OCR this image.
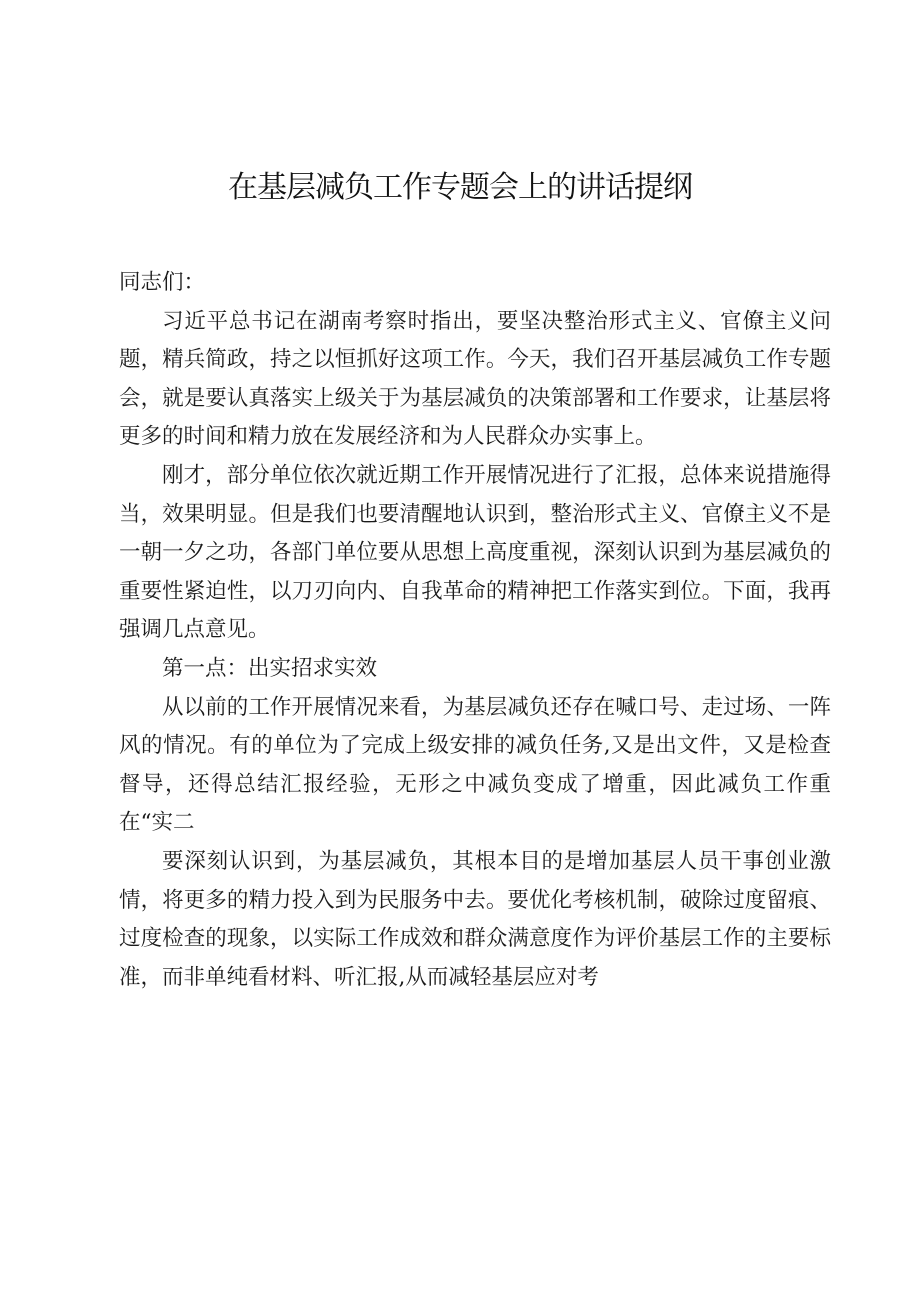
在基层减负工作专题会上的讲话提纲

同志们：

习近平总书记在湖南考察时指出，要坚决整治形式主义、官僚主义问题，精兵简政，持之以恒抓好这项工作。今天，我们召开基层减负工作专题会，就是要认真落实上级关于为基层减负的决策部署和工作要求，让基层将更多的时间和精力放在发展经济和为人民群众办实事上。

刚才，部分单位依次就近期工作开展情况进行了汇报，总体来说措施得当，效果明显。但是我们也要清醒地认识到，整治形式主义、官僚主义不是一朝一夕之功，各部门单位要从思想上高度重视，深刻认识到为基层减负的重要性紧迫性，以刀刃向内、自我革命的精神把工作落实到位。下面，我再强调几点意见。

第一点：出实招求实效

从以前的工作开展情况来看，为基层减负还存在喊口号、走过场、一阵风的情况。有的单位为了完成上级安排的减负任务,又是出文件，又是检查督导，还得总结汇报经验，无形之中减负变成了增重，因此减负工作重在“实二

要深刻认识到，为基层减负，其根本目的是增加基层人员干事创业激情，将更多的精力投入到为民服务中去。要优化考核机制，破除过度留痕、过度检查的现象，以实际工作成效和群众满意度作为评价基层工作的主要标准，而非单纯看材料、听汇报,从而减轻基层应对考
